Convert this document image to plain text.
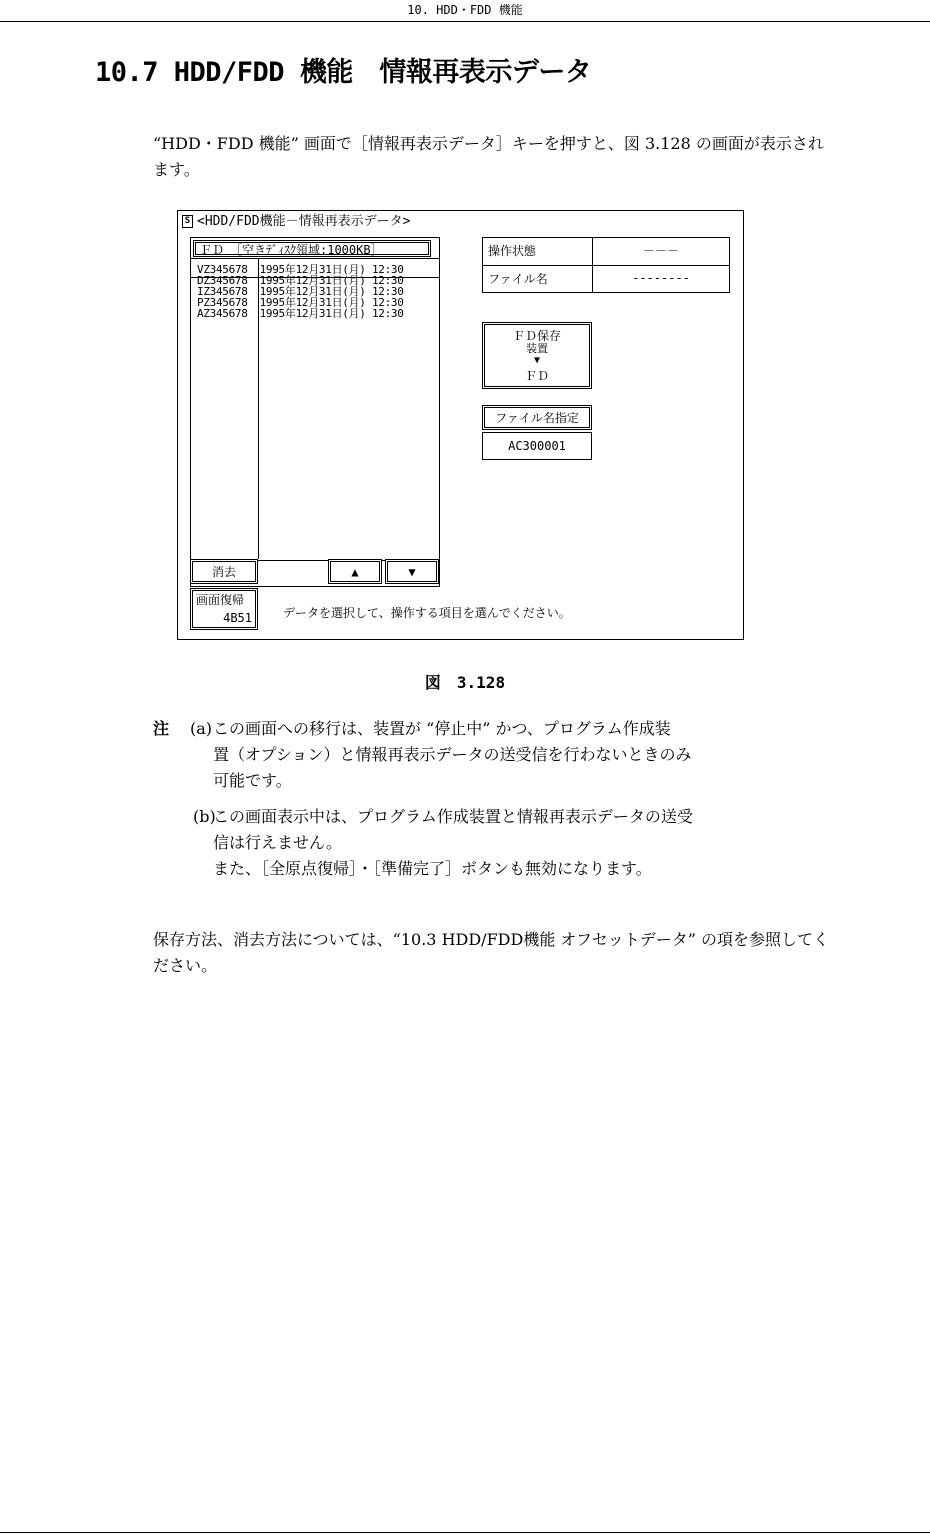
10. HDD・FDD 機能
10.7 HDD/FDD 機能　情報再表示データ
“HDD・FDD 機能” 画面で［情報再表示データ］キーを押すと、図 3.128 の画面が表示されます。
S <HDD/FDD機能－情報再表示データ>
ＦＤ　［空きﾃﾞｨｽｸ領域:1000KB］
VZ345678 1995年12月31日(月) 12:30
DZ345678 1995年12月31日(月) 12:30
IZ345678 1995年12月31日(月) 12:30
PZ345678 1995年12月31日(月) 12:30
AZ345678 1995年12月31日(月) 12:30
消去	▲	▼
操作状態	－－－
ファイル名	--------
ＦＤ保存
装置
▼
ＦＤ
ファイル名指定
AC300001
画面復帰
4B51	データを選択して、操作する項目を選んでください。
図　3.128
注 (a) この画面への移行は、装置が “停止中” かつ、プログラム作成装
置（オプション）と情報再表示データの送受信を行わないときのみ
可能です。
(b)
この画面表示中は、プログラム作成装置と情報再表示データの送受
信は行えません。
また、［全原点復帰］・［準備完了］ボタンも無効になります。
保存方法、消去方法については、“10.3 HDD/FDD機能 オフセットデータ” の項を参照してください。
